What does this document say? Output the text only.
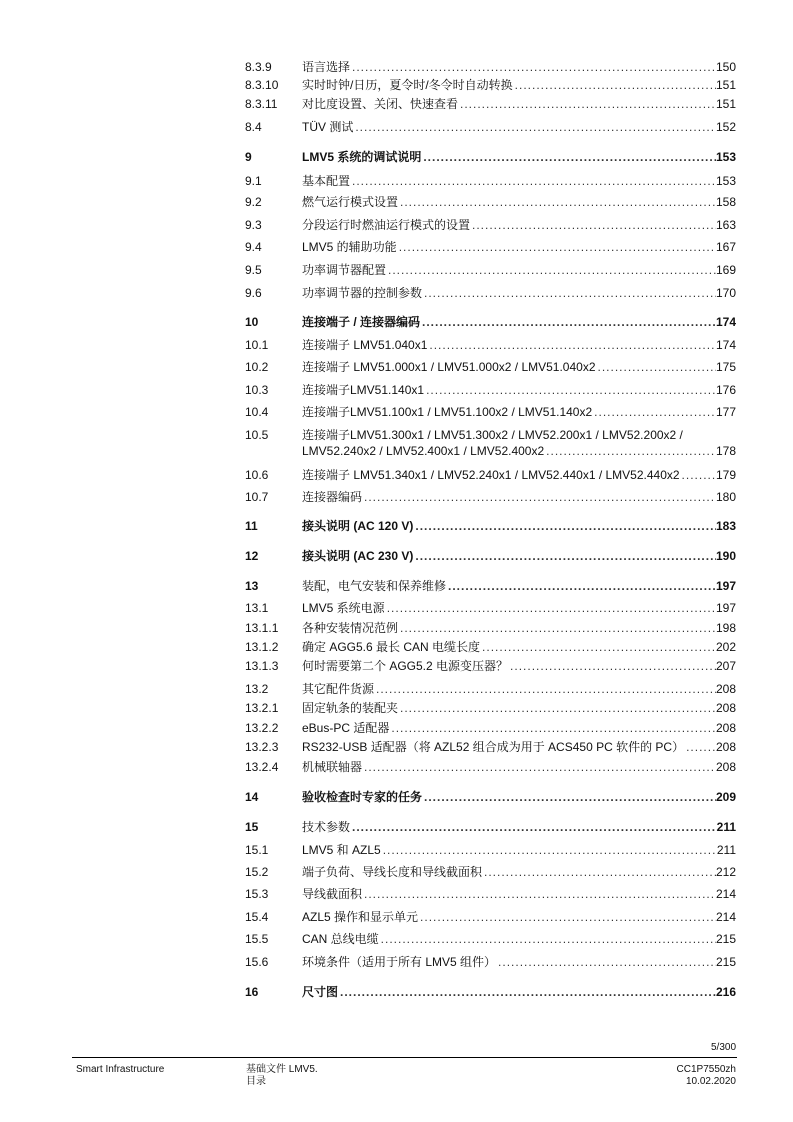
8.3.9	语言选择 .....	150
8.3.10 实时时钟/日历，夏令时/冬令时自动转换 .....	151
8.3.11 对比度设置、关闭、快速查看 .....	151
8.4	TÜV 测试 .....	152
9	LMV5 系统的调试说明 .....	153
9.1	基本配置 .....	153
9.2	燃气运行模式设置 .....	158
9.3	分段运行时燃油运行模式的设置 .....	163
9.4	LMV5 的辅助功能 .....	167
9.5	功率调节器配置 .....	169
9.6	功率调节器的控制参数 .....	170
10	连接端子 / 连接器编码 .....	174
10.1	连接端子 LMV51.040x1 .....	174
10.2	连接端子 LMV51.000x1 / LMV51.000x2 / LMV51.040x2 .....	175
10.3	连接端子LMV51.140x1 .....	176
10.4	连接端子LMV51.100x1 / LMV51.100x2 / LMV51.140x2 .....	177
10.5	连接端子LMV51.300x1 / LMV51.300x2 / LMV52.200x1 / LMV52.200x2 /
LMV52.240x2 / LMV52.400x1 / LMV52.400x2 .....	178
10.6	连接端子 LMV51.340x1 / LMV52.240x1 / LMV52.440x1 / LMV52.440x2 .....	179
10.7	连接器编码 .....	180
11	接头说明 (AC 120 V) .....	183
12	接头说明 (AC 230 V) .....	190
13	装配，电气安装和保养维修 .....	197
13.1	LMV5 系统电源 .....	197
13.1.1 各种安装情况范例 .....	198
13.1.2 确定 AGG5.6 最长 CAN 电缆长度 .....	202
13.1.3 何时需要第二个 AGG5.2 电源变压器？ .....	207
13.2	其它配件货源 .....	208
13.2.1 固定轨条的装配夹 .....	208
13.2.2 eBus-PC 适配器 .....	208
13.2.3 RS232-USB 适配器（将 AZL52 组合成为用于 ACS450 PC 软件的 PC） .....	208
13.2.4 机械联轴器 .....	208
14	验收检查时专家的任务 .....	209
15	技术参数 .....	211
15.1	LMV5 和 AZL5 .....	211
15.2	端子负荷、导线长度和导线截面积 .....	212
15.3	导线截面积 .....	214
15.4	AZL5 操作和显示单元 .....	214
15.5	CAN 总线电缆 .....	215
15.6	环境条件（适用于所有 LMV5 组件） .....	215
16	尺寸图 .....	216
5/300
Smart Infrastructure	基础文件 LMV5.
目录
CC1P7550zh
10.02.2020
